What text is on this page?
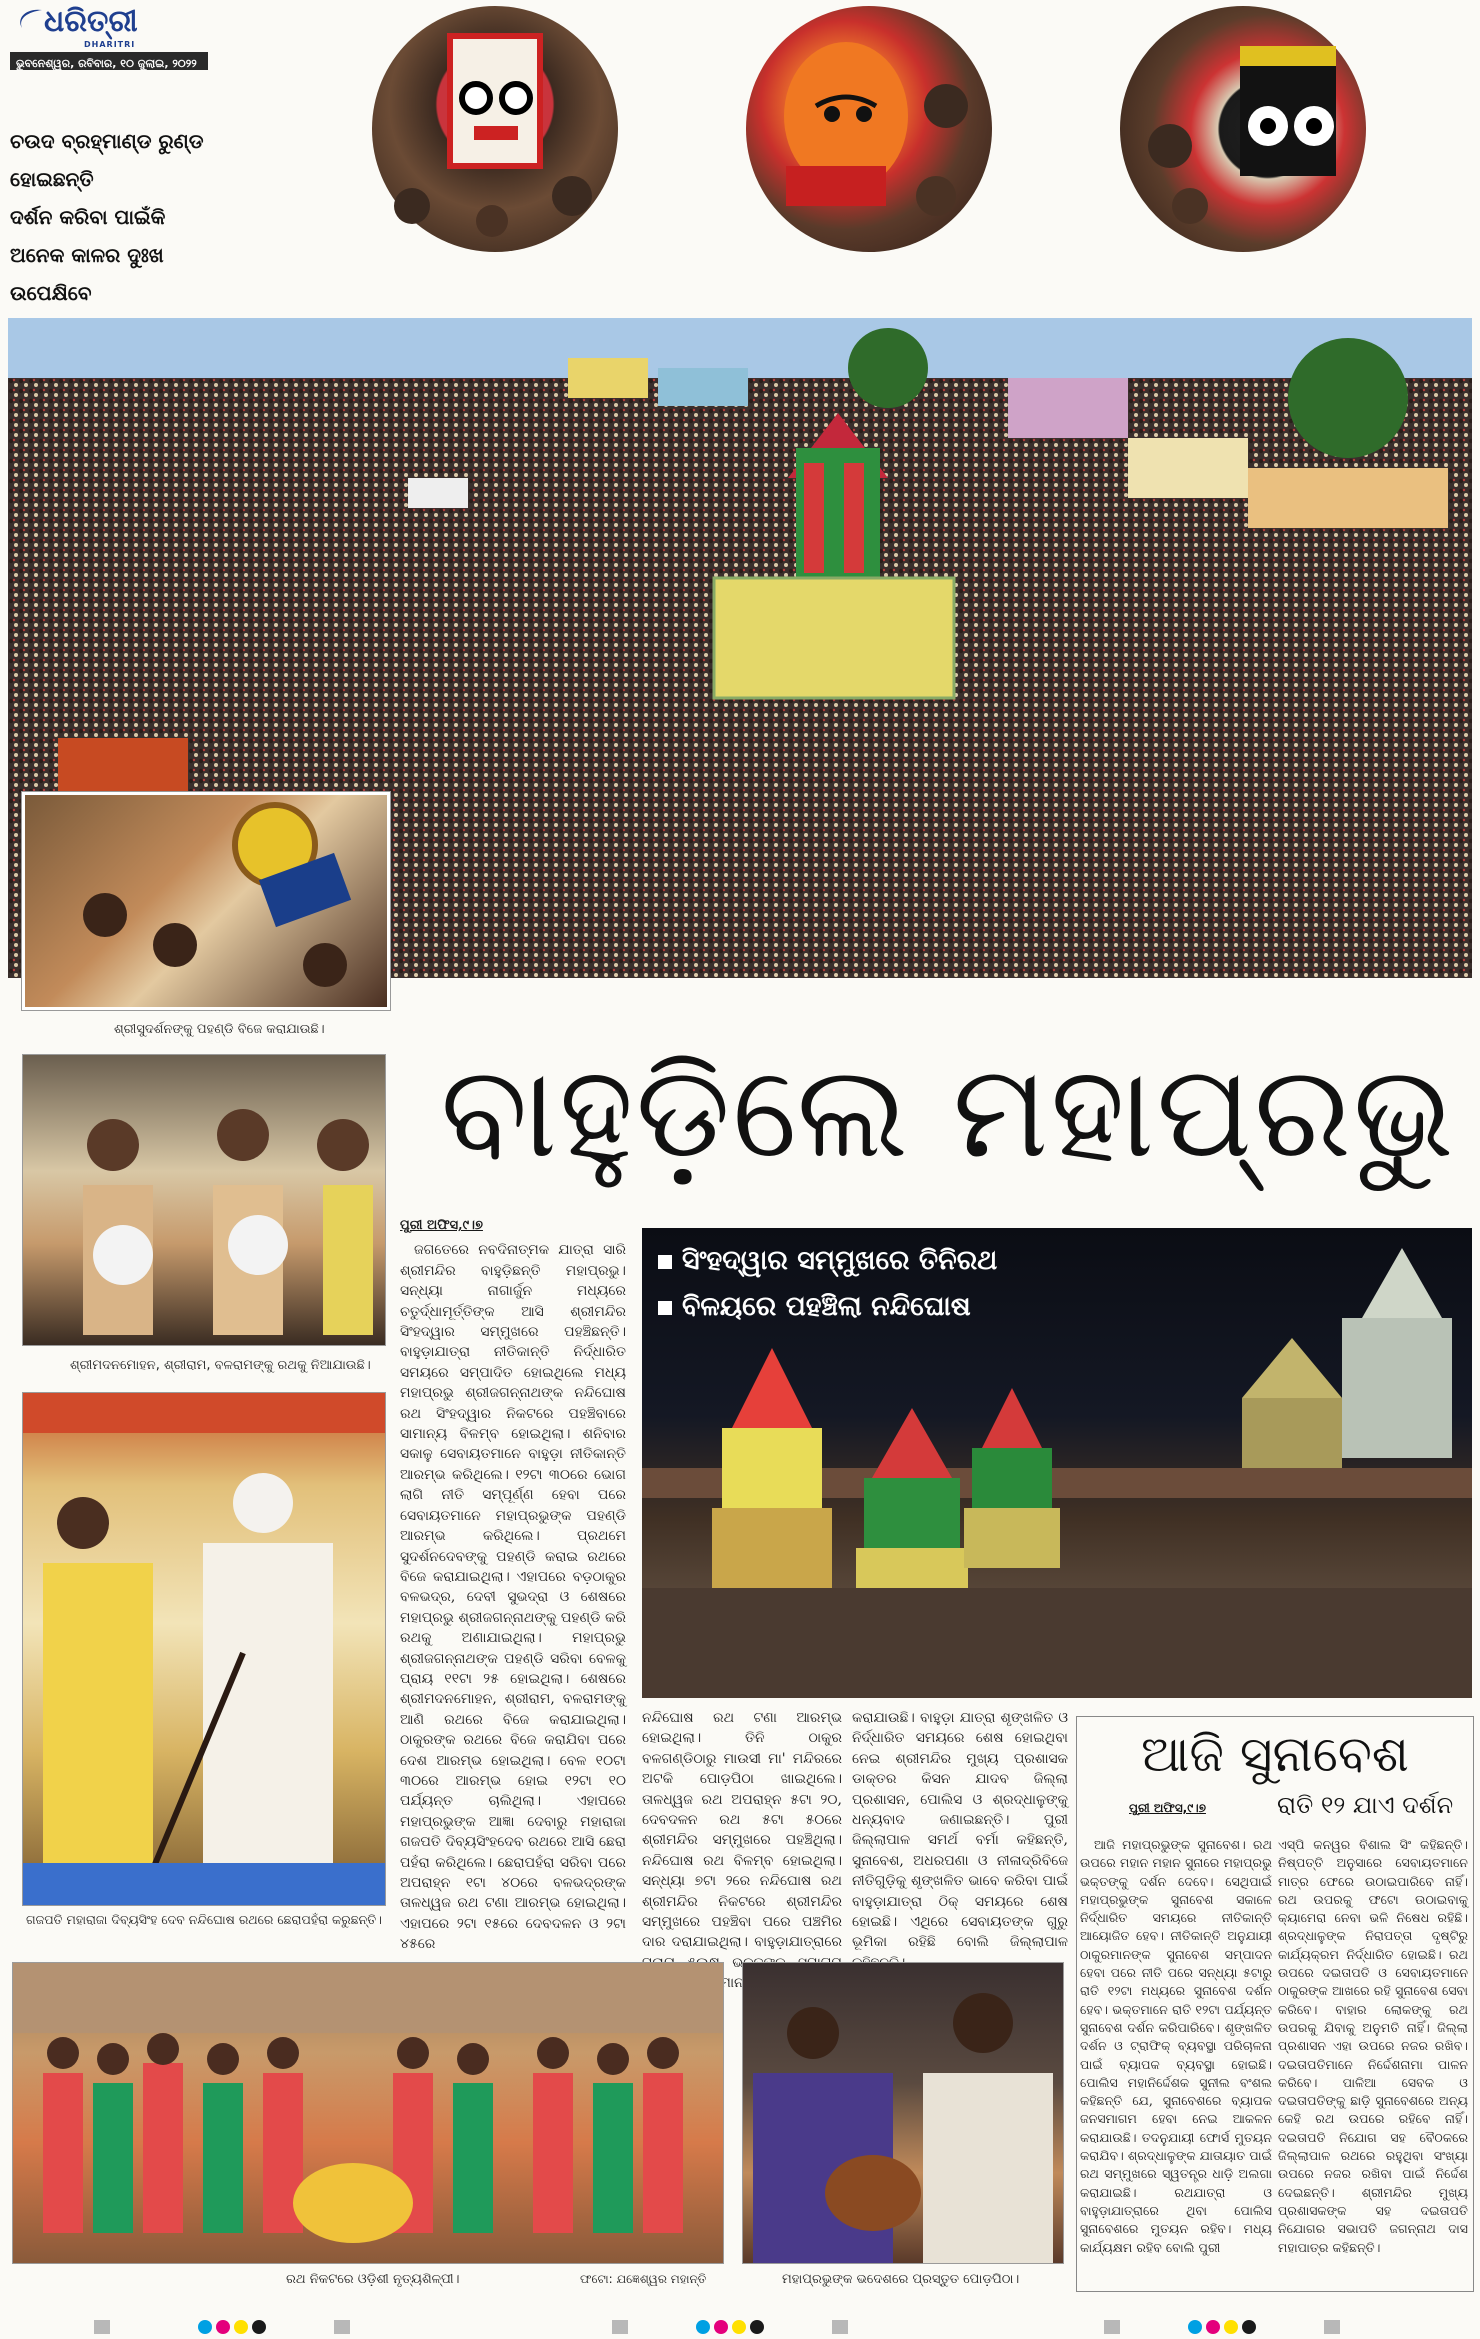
ଧରିତ୍ରୀ
DHARITRI
ଭୁବନେଶ୍ୱର, ରବିବାର, ୧୦ ଜୁଲାଇ, ୨୦୨୨
ଚଉଦ ବ୍ରହ୍ମାଣ୍ଡ ରୁଣ୍ଡ ହୋଇଛନ୍ତି
ଦର୍ଶନ କରିବା ପାଇଁକି
ଅନେକ କାଳର ଦୁଃଖ ଉପେକ୍ଷିବେ
ଶ୍ରୀସୁଦର୍ଶନଙ୍କୁ ପହଣ୍ଡି ବିଜେ କରାଯାଉଛି।
ବାହୁଡ଼ିଲେ ମହାପ୍ରଭୁ
ଶ୍ରୀମଦନମୋହନ, ଶ୍ରୀରାମ, ବଳରାମଙ୍କୁ ରଥକୁ ନିଆଯାଉଛି।
ଗଜପତି ମହାରାଜା ଦିବ୍ୟସିଂହ ଦେବ ନନ୍ଦିଘୋଷ ରଥରେ ଛେରାପହଁରା କରୁଛନ୍ତି।
ପୁରୀ ଅଫିସ,୯।୭

ଜଗତେରେ ନବଦିନାତ୍ମକ ଯାତ୍ରା ସାରି ଶ୍ରୀମନ୍ଦିର ବାହୁଡ଼ିଛନ୍ତି ମହାପ୍ରଭୁ। ସନ୍ଧ୍ୟା ନାଗାର୍ଜୁନ ମଧ୍ୟରେ ଚତୁର୍ଦ୍ଧାମୂର୍ତ୍ତିଙ୍କ ଆସି ଶ୍ରୀମନ୍ଦିର ସିଂହଦ୍ୱାର ସମ୍ମୁଖରେ ପହଞ୍ଚିଛନ୍ତି। ବାହୁଡ଼ାଯାତ୍ରା ନୀତିକାନ୍ତି ନିର୍ଦ୍ଧାରିତ ସମୟରେ ସମ୍ପାଦିତ ହୋଇଥିଲେ ମଧ୍ୟ ମହାପ୍ରଭୁ ଶ୍ରୀଜଗନ୍ନାଥଙ୍କ ନନ୍ଦିଘୋଷ ରଥ ସିଂହଦ୍ୱାର ନିକଟରେ ପହଞ୍ଚିବାରେ ସାମାନ୍ୟ ବିଳମ୍ବ ହୋଇଥିଲା। ଶନିବାର ସକାଳୁ ସେବାୟତମାନେ ବାହୁଡ଼ା ନୀତିକାନ୍ତି ଆରମ୍ଭ କରିଥିଲେ। ୧୨ଟା ୩୦ରେ ଭୋଗ ଲାଗି ନୀତି ସମ୍ପୂର୍ଣ୍ଣ ହେବା ପରେ ସେବାୟତମାନେ ମହାପ୍ରଭୁଙ୍କ ପହଣ୍ଡି ଆରମ୍ଭ କରିଥିଲେ। ପ୍ରଥମେ ସୁଦର୍ଶନଦେବଙ୍କୁ ପହଣ୍ଡି କରାଇ ରଥରେ ବିଜେ କରାଯାଇଥିଲା। ଏହାପରେ ବଡ଼ଠାକୁର ବଳଭଦ୍ର, ଦେବୀ ସୁଭଦ୍ରା ଓ ଶେଷରେ ମହାପ୍ରଭୁ ଶ୍ରୀଜଗନ୍ନାଥଙ୍କୁ ପହଣ୍ଡି କରି ରଥକୁ ଅଣାଯାଇଥିଲା। ମହାପ୍ରଭୁ ଶ୍ରୀଜଗନ୍ନାଥଙ୍କ ପହଣ୍ଡି ସରିବା ବେଳକୁ ପ୍ରାୟ ୧୧ଟା ୨୫ ହୋଇଥିଲା। ଶେଷରେ ଶ୍ରୀମଦନମୋହନ, ଶ୍ରୀରାମ, ବଳରାମଙ୍କୁ ଆଣି ରଥରେ ବିଜେ କରାଯାଇଥିଲା। ଠାକୁରଙ୍କ ରଥରେ ବିଜେ କରାଯିବା ପରେ ଦେଶ ଆରମ୍ଭ ହୋଇଥିଲା। ବେଳ ୧୦ଟା ୩୦ରେ ଆରମ୍ଭ ହୋଇ ୧୨ଟା ୧୦ ପର୍ଯ୍ୟନ୍ତ ଚାଲିଥିଲା। ଏହାପରେ ମହାପ୍ରଭୁଙ୍କ ଆଜ୍ଞା ଦେବାରୁ ମହାରାଜା ଗଜପତି ଦିବ୍ୟସିଂହଦେବ ରଥରେ ଆସି ଛେରା ପହଁରା କରିଥିଲେ। ଛେରାପହଁରା ସରିବା ପରେ ଅପରାହ୍ନ ୧ଟା ୪୦ରେ ବଳଭଦ୍ରଙ୍କ ତାଳଧ୍ୱଜ ରଥ ଟଣା ଆରମ୍ଭ ହୋଇଥିଲା। ଏହାପରେ ୨ଟା ୧୫ରେ ଦେବଦଳନ ଓ ୨ଟା ୪୫ରେ

ସିଂହଦ୍ୱାର ସମ୍ମୁଖରେ ତିନିରଥ
ବିଳୟରେ ପହଞ୍ଚିଲା ନନ୍ଦିଘୋଷ

ନନ୍ଦିଘୋଷ ରଥ ଟଣା ଆରମ୍ଭ ହୋଇଥିଲା। ତିନି ଠାକୁର ବଳଗଣ୍ଡିଠାରୁ ମାଉସୀ ମା' ମନ୍ଦିରରେ ଅଟକି ପୋଡ଼ପିଠା ଖାଇଥିଲେ। ତାଳଧ୍ୱଜ ରଥ ଅପରାହ୍ନ ୫ଟା ୨୦, ଦେବଦଳନ ରଥ ୫ଟା ୫୦ରେ ଶ୍ରୀମନ୍ଦିର ସମ୍ମୁଖରେ ପହଞ୍ଚିଥିଲା। ନନ୍ଦିଘୋଷ ରଥ ବିଳମ୍ବ ହୋଇଥିଲା। ସନ୍ଧ୍ୟା ୭ଟା ୨ରେ ନନ୍ଦିଘୋଷ ରଥ ଶ୍ରୀମନ୍ଦିର ନିକଟରେ ଶ୍ରୀମନ୍ଦିର ସମ୍ମୁଖରେ ପହଞ୍ଚିବା ପରେ ପଞ୍ଚମିର ଦାର ଦରାଯାଇଥିଲା। ବାହୁଡ଼ାଯାତ୍ରାରେ

କରାଯାଉଛି। ବାହୁଡ଼ା ଯାତ୍ରା ଶୃଙ୍ଖଳିତ ଓ ନିର୍ଦ୍ଧାରିତ ସମୟରେ ଶେଷ ହୋଇଥିବା ନେଇ ଶ୍ରୀମନ୍ଦିର ମୁଖ୍ୟ ପ୍ରଶାସକ ଡାକ୍ତର କିସନ ଯାଦବ ଜିଲ୍ଲା ପ୍ରଶାସନ, ପୋଲିସ ଓ ଶ୍ରଦ୍ଧାଳୁଙ୍କୁ ଧନ୍ୟବାଦ ଜଣାଇଛନ୍ତି। ପୁରୀ ଜିଲ୍ଲାପାଳ ସମର୍ଥ ବର୍ମା କହିଛନ୍ତି, ସୁନାବେଶ, ଅଧରପଣା ଓ ନୀଳାଦ୍ରିବିଜେ ନୀତିଗୁଡ଼ିକୁ ଶୃଙ୍ଖଳିତ ଭାବେ କରିବା ପାଇଁ ବାହୁଡ଼ାଯାତ୍ରା ଠିକ୍ ସମୟରେ ଶେଷ ହୋଇଛି। ଏଥିରେ ସେବାୟତଙ୍କ ଗୁରୁ ଭୂମିକା ରହିଛି ବୋଲି ଜିଲ୍ଲାପାଳ

ଆଜି ସୁନାବେଶ
ପୁରୀ ଅଫିସ,୯।୭	ରାତି ୧୨ ଯାଏ ଦର୍ଶନ

ଆଜି ମହାପ୍ରଭୁଙ୍କ ସୁନାବେଶ। ରଥ ଉପରେ ମହାନ ମହାନ ସୁନାରେ ମହାପ୍ରଭୁ ଭକ୍ତଙ୍କୁ ଦର୍ଶନ ଦେବେ। ସେଥିପାଇଁ ମହାପ୍ରଭୁଙ୍କ ସୁନାବେଶ ସକାଳେ ନିର୍ଦ୍ଧାରିତ ସମୟରେ ନୀତିକାନ୍ତି ଆୟୋଜିତ ହେବ। ନୀତିକାନ୍ତି ଅନୁଯାୟୀ ଠାକୁରମାନଙ୍କ ସୁନାବେଶ ସମ୍ପାଦନ ହେବା ପରେ ନୀତି ପରେ ସନ୍ଧ୍ୟା ୫ଟାରୁ ରାତି ୧୨ଟା ମଧ୍ୟରେ ସୁନାବେଶ ଦର୍ଶନ ହେବ। ଭକ୍ତମାନେ ରାତି ୧୨ଟା ପର୍ଯ୍ୟନ୍ତ ସୁନାବେଶ ଦର୍ଶନ କରିପାରିବେ। ଶୃଙ୍ଖଳିତ ଦର୍ଶନ ଓ ଟ୍ରାଫିକ୍ ବ୍ୟବସ୍ଥା ପରିଚାଳନା ପାଇଁ ବ୍ୟାପକ ବ୍ୟବସ୍ଥା ହୋଇଛି। ପୋଲିସ ମହାନିର୍ଦ୍ଦେଶକ ସୁନୀଲ ବଂଶଲ କହିଛନ୍ତି ଯେ, ସୁନାବେଶରେ ବ୍ୟାପକ ଜନସମାଗମ ହେବା ନେଇ ଆକଳନ କରାଯାଉଛି। ତଦନୁଯାୟୀ ଫୋର୍ସ ମୁତୟନ କରାଯିବ। ଶ୍ରଦ୍ଧାଳୁଙ୍କ ଯାତାୟାତ ପାଇଁ ରଥ ସମ୍ମୁଖରେ ସ୍ୱତନ୍ତ୍ର ଧାଡ଼ି ଅଲଗା କରାଯାଇଛି। ରଥଯାତ୍ରା ଓ ବାହୁଡ଼ାଯାତ୍ରାରେ ଥିବା ପୋଲିସ ସୁନାବେଶରେ ମୁତୟନ ରହିବ। ମଧ୍ୟ କାର୍ଯ୍ୟକ୍ଷମ ରହିବ ବୋଲି ପୁରୀ

ଏସ୍‌ପି କନୱର ବିଶାଲ ସିଂ କହିଛନ୍ତି। ନିଷ୍ପତ୍ତି ଅନୁସାରେ ସେବାୟତମାନେ ମାତ୍ର ଫେରେ ଉଠାଇପାରିବେ ନାହିଁ। ରଥ ଉପରକୁ ଫଟୋ ଉଠାଇବାକୁ କ୍ୟାମେରା ନେବା ଭଳି ନିଷେଧ ରହିଛି। ଶ୍ରଦ୍ଧାଳୁଙ୍କ ନିରାପତ୍ତା ଦୃଷ୍ଟିରୁ କାର୍ଯ୍ୟକ୍ରମ ନିର୍ଦ୍ଧାରିତ ହୋଇଛି। ରଥ ଉପରେ ଦଇତାପତି ଓ ସେବାୟତମାନେ ଠାକୁରଙ୍କ ଆଖରେ ରହି ସୁନାବେଶ ସେବା କରିବେ। ବାହାର ଲୋକଙ୍କୁ ରଥ ଉପରକୁ ଯିବାକୁ ଅନୁମତି ନାହିଁ। ଜିଲ୍ଲା ପ୍ରଶାସନ ଏହା ଉପରେ ନଜର ରଖିବ। ଦଇତାପତିମାନେ ନିର୍ଦ୍ଦେଶନାମା ପାଳନ କରିବେ। ପାଳିଆ ସେବକ ଓ ଦଇତାପତିଙ୍କୁ ଛାଡ଼ି ସୁନାବେଶରେ ଅନ୍ୟ କେହି ରଥ ଉପରେ ରହିବେ ନାହିଁ। ଦଇତାପତି ନିଯୋଗ ସହ ବୈଠକରେ ଜିଲ୍ଲାପାଳ ରଥରେ ରହୁଥିବା ସଂଖ୍ୟା ଉପରେ ନଜର ରଖିବା ପାଇଁ ନିର୍ଦ୍ଦେଶ ଦେଇଛନ୍ତି। ଶ୍ରୀମନ୍ଦିର ମୁଖ୍ୟ ପ୍ରଶାସକଙ୍କ ସହ ଦଇତାପତି ନିଯୋଗର ସଭାପତି ଜଗନ୍ନାଥ ଦାସ ମହାପାତ୍ର କହିଛନ୍ତି।

ରଥ ନିକଟରେ ଓଡ଼ିଶୀ ନୃତ୍ୟଶିଳ୍ପୀ।	ଫଟୋ: ଯଜ୍ଞେଶ୍ୱର ମହାନ୍ତି	ମହାପ୍ରଭୁଙ୍କ ଭଦେଶରେ ପ୍ରସ୍ତୁତ ପୋଡ଼ପିଠା।
